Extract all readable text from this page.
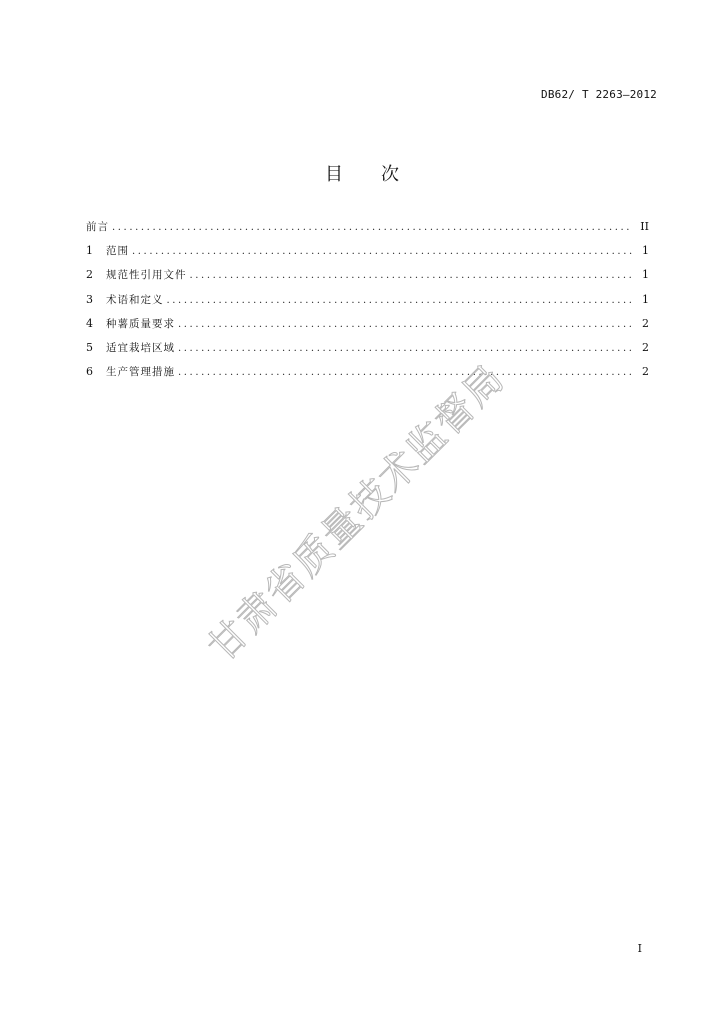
DB62/ T 2263—2012
目 次
前言 .....	II
1	范围 .....	1
2	规范性引用文件 .....	1
3	术语和定义 .....	1
4	种薯质量要求 .....	2
5	适宜栽培区域 .....	2
6	生产管理措施 .....	2
甘肃省质量技术监督局
I
